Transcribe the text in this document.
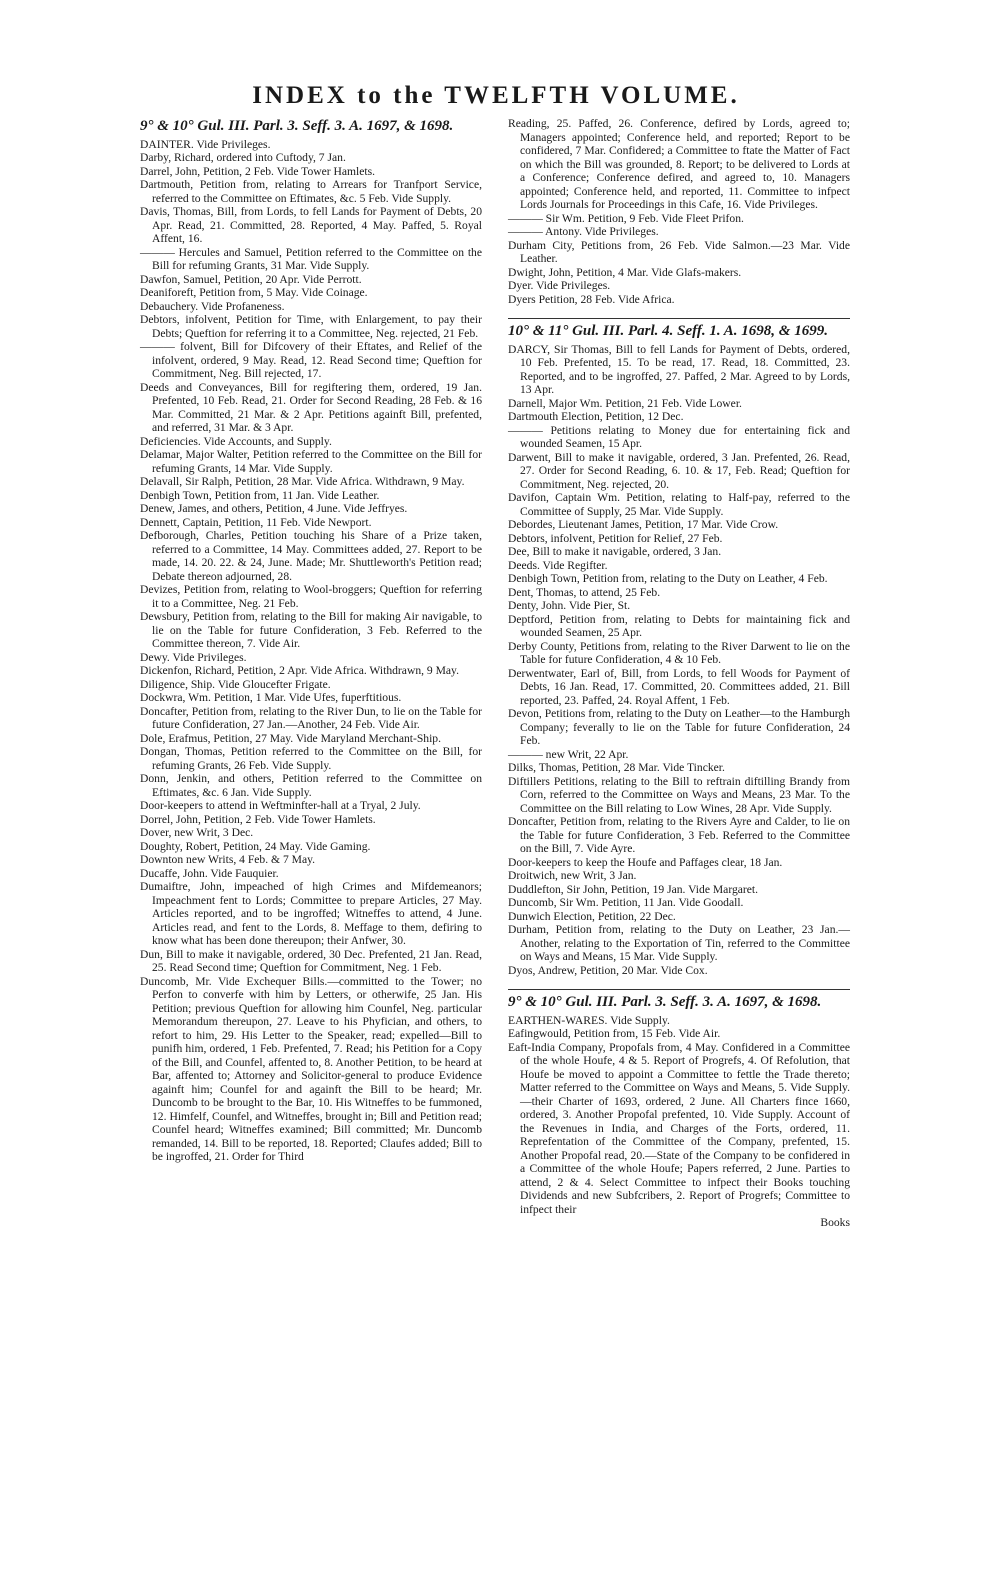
INDEX to the TWELFTH VOLUME.
9° & 10° Gul. III. Parl. 3. Seff. 3. A. 1697, & 1698.
DAINTER. Vide Privileges.
Darby, Richard, ordered into Cuftody, 7 Jan.
Darrel, John, Petition, 2 Feb. Vide Tower Hamlets.
Dartmouth, Petition from, relating to Arrears for Tranfport Service, referred to the Committee on Eftimates, &c. 5 Feb. Vide Supply.
Davis, Thomas, Bill, from Lords, to fell Lands for Payment of Debts, 20 Apr. Read, 21. Committed, 28. Reported, 4 May. Paffed, 5. Royal Affent, 16.
——— Hercules and Samuel, Petition referred to the Committee on the Bill for refuming Grants, 31 Mar. Vide Supply.
Dawfon, Samuel, Petition, 20 Apr. Vide Perrott.
Deaniforeft, Petition from, 5 May. Vide Coinage.
Debauchery. Vide Profaneness.
Debtors, infolvent, Petition for Time, with Enlargement, to pay their Debts; Queftion for referring it to a Committee, Neg. rejected, 21 Feb.
——— folvent, Bill for Difcovery of their Eftates, and Relief of the infolvent, ordered, 9 May. Read, 12. Read Second time; Queftion for Commitment, Neg. Bill rejected, 17.
Deeds and Conveyances, Bill for regiftering them, ordered, 19 Jan. Prefented, 10 Feb. Read, 21. Order for Second Reading, 28 Feb. & 16 Mar. Committed, 21 Mar. & 2 Apr. Petitions againft Bill, prefented, and referred, 31 Mar. & 3 Apr.
Deficiencies. Vide Accounts, and Supply.
Delamar, Major Walter, Petition referred to the Committee on the Bill for refuming Grants, 14 Mar. Vide Supply.
Delavall, Sir Ralph, Petition, 28 Mar. Vide Africa. Withdrawn, 9 May.
Denbigh Town, Petition from, 11 Jan. Vide Leather.
Denew, James, and others, Petition, 4 June. Vide Jeffryes.
Dennett, Captain, Petition, 11 Feb. Vide Newport.
Defborough, Charles, Petition touching his Share of a Prize taken, referred to a Committee, 14 May. Committees added, 27. Report to be made, 14. 20. 22. & 24, June. Made; Mr. Shuttleworth's Petition read; Debate thereon adjourned, 28.
Devizes, Petition from, relating to Wool-broggers; Queftion for referring it to a Committee, Neg. 21 Feb.
Dewsbury, Petition from, relating to the Bill for making Air navigable, to lie on the Table for future Confideration, 3 Feb. Referred to the Committee thereon, 7. Vide Air.
Dewy. Vide Privileges.
Dickenfon, Richard, Petition, 2 Apr. Vide Africa. Withdrawn, 9 May.
Diligence, Ship. Vide Gloucefter Frigate.
Dockwra, Wm. Petition, 1 Mar. Vide Ufes, fuperftitious.
Doncafter, Petition from, relating to the River Dun, to lie on the Table for future Confideration, 27 Jan.—Another, 24 Feb. Vide Air.
Dole, Erafmus, Petition, 27 May. Vide Maryland Merchant-Ship.
Dongan, Thomas, Petition referred to the Committee on the Bill, for refuming Grants, 26 Feb. Vide Supply.
Donn, Jenkin, and others, Petition referred to the Committee on Eftimates, &c. 6 Jan. Vide Supply.
Door-keepers to attend in Weftminfter-hall at a Tryal, 2 July.
Dorrel, John, Petition, 2 Feb. Vide Tower Hamlets.
Dover, new Writ, 3 Dec.
Doughty, Robert, Petition, 24 May. Vide Gaming.
Downton new Writs, 4 Feb. & 7 May.
Ducaffe, John. Vide Fauquier.
Dumaiftre, John, impeached of high Crimes and Mifdemeanors; Impeachment fent to Lords; Committee to prepare Articles, 27 May. Articles reported, and to be ingroffed; Witneffes to attend, 4 June. Articles read, and fent to the Lords, 8. Meffage to them, defiring to know what has been done thereupon; their Anfwer, 30.
Dun, Bill to make it navigable, ordered, 30 Dec. Prefented, 21 Jan. Read, 25. Read Second time; Queftion for Commitment, Neg. 1 Feb.
Duncomb, Mr. Vide Exchequer Bills.—committed to the Tower; no Perfon to converfe with him by Letters, or otherwife, 25 Jan. His Petition; previous Queftion for allowing him Counfel, Neg. particular Memorandum thereupon, 27. Leave to his Phyfician, and others, to refort to him, 29. His Letter to the Speaker, read; expelled—Bill to punifh him, ordered, 1 Feb. Prefented, 7. Read; his Petition for a Copy of the Bill, and Counfel, affented to, 8. Another Petition, to be heard at Bar, affented to; Attorney and Solicitor-general to produce Evidence againft him; Counfel for and againft the Bill to be heard; Mr. Duncomb to be brought to the Bar, 10. His Witneffes to be fummoned, 12. Himfelf, Counfel, and Witneffes, brought in; Bill and Petition read; Counfel heard; Witneffes examined; Bill committed; Mr. Duncomb remanded, 14. Bill to be reported, 18. Reported; Claufes added; Bill to be ingroffed, 21. Order for Third
Reading, 25. Paffed, 26. Conference, defired by Lords, agreed to; Managers appointed; Conference held, and reported; Report to be confidered, 7 Mar. Confidered; a Committee to ftate the Matter of Fact on which the Bill was grounded, 8. Report; to be delivered to Lords at a Conference; Conference defired, and agreed to, 10. Managers appointed; Conference held, and reported, 11. Committee to infpect Lords Journals for Proceedings in this Cafe, 16. Vide Privileges.
——— Sir Wm. Petition, 9 Feb. Vide Fleet Prifon.
——— Antony. Vide Privileges.
Durham City, Petitions from, 26 Feb. Vide Salmon.—23 Mar. Vide Leather.
Dwight, John, Petition, 4 Mar. Vide Glafs-makers.
Dyer. Vide Privileges.
Dyers Petition, 28 Feb. Vide Africa.
10° & 11° Gul. III. Parl. 4. Seff. 1. A. 1698, & 1699.
DARCY, Sir Thomas, Bill to fell Lands for Payment of Debts, ordered, 10 Feb. Prefented, 15. To be read, 17. Read, 18. Committed, 23. Reported, and to be ingroffed, 27. Paffed, 2 Mar. Agreed to by Lords, 13 Apr.
Darnell, Major Wm. Petition, 21 Feb. Vide Lower.
Dartmouth Election, Petition, 12 Dec.
——— Petitions relating to Money due for entertaining fick and wounded Seamen, 15 Apr.
Darwent, Bill to make it navigable, ordered, 3 Jan. Prefented, 26. Read, 27. Order for Second Reading, 6. 10. & 17, Feb. Read; Queftion for Commitment, Neg. rejected, 20.
Davifon, Captain Wm. Petition, relating to Half-pay, referred to the Committee of Supply, 25 Mar. Vide Supply.
Debordes, Lieutenant James, Petition, 17 Mar. Vide Crow.
Debtors, infolvent, Petition for Relief, 27 Feb.
Dee, Bill to make it navigable, ordered, 3 Jan.
Deeds. Vide Regifter.
Denbigh Town, Petition from, relating to the Duty on Leather, 4 Feb.
Dent, Thomas, to attend, 25 Feb.
Denty, John. Vide Pier, St.
Deptford, Petition from, relating to Debts for maintaining fick and wounded Seamen, 25 Apr.
Derby County, Petitions from, relating to the River Darwent to lie on the Table for future Confideration, 4 & 10 Feb.
Derwentwater, Earl of, Bill, from Lords, to fell Woods for Payment of Debts, 16 Jan. Read, 17. Committed, 20. Committees added, 21. Bill reported, 23. Paffed, 24. Royal Affent, 1 Feb.
Devon, Petitions from, relating to the Duty on Leather—to the Hamburgh Company; feverally to lie on the Table for future Confideration, 24 Feb.
——— new Writ, 22 Apr.
Dilks, Thomas, Petition, 28 Mar. Vide Tincker.
Diftillers Petitions, relating to the Bill to reftrain diftilling Brandy from Corn, referred to the Committee on Ways and Means, 23 Mar. To the Committee on the Bill relating to Low Wines, 28 Apr. Vide Supply.
Doncafter, Petition from, relating to the Rivers Ayre and Calder, to lie on the Table for future Confideration, 3 Feb. Referred to the Committee on the Bill, 7. Vide Ayre.
Door-keepers to keep the Houfe and Paffages clear, 18 Jan.
Droitwich, new Writ, 3 Jan.
Duddlefton, Sir John, Petition, 19 Jan. Vide Margaret.
Duncomb, Sir Wm. Petition, 11 Jan. Vide Goodall.
Dunwich Election, Petition, 22 Dec.
Durham, Petition from, relating to the Duty on Leather, 23 Jan.—Another, relating to the Exportation of Tin, referred to the Committee on Ways and Means, 15 Mar. Vide Supply.
Dyos, Andrew, Petition, 20 Mar. Vide Cox.
9° & 10° Gul. III. Parl. 3. Seff. 3. A. 1697, & 1698.
EARTHEN-WARES. Vide Supply.
Eafingwould, Petition from, 15 Feb. Vide Air.
Eaft-India Company, Propofals from, 4 May. Confidered in a Committee of the whole Houfe, 4 & 5. Report of Progrefs, 4. Of Refolution, that Houfe be moved to appoint a Committee to fettle the Trade thereto; Matter referred to the Committee on Ways and Means, 5. Vide Supply. —their Charter of 1693, ordered, 2 June. All Charters fince 1660, ordered, 3. Another Propofal prefented, 10. Vide Supply. Account of the Revenues in India, and Charges of the Forts, ordered, 11. Reprefentation of the Committee of the Company, prefented, 15. Another Propofal read, 20.—State of the Company to be confidered in a Committee of the whole Houfe; Papers referred, 2 June. Parties to attend, 2 & 4. Select Committee to infpect their Books touching Dividends and new Subfcribers, 2. Report of Progrefs; Committee to infpect their
Books
